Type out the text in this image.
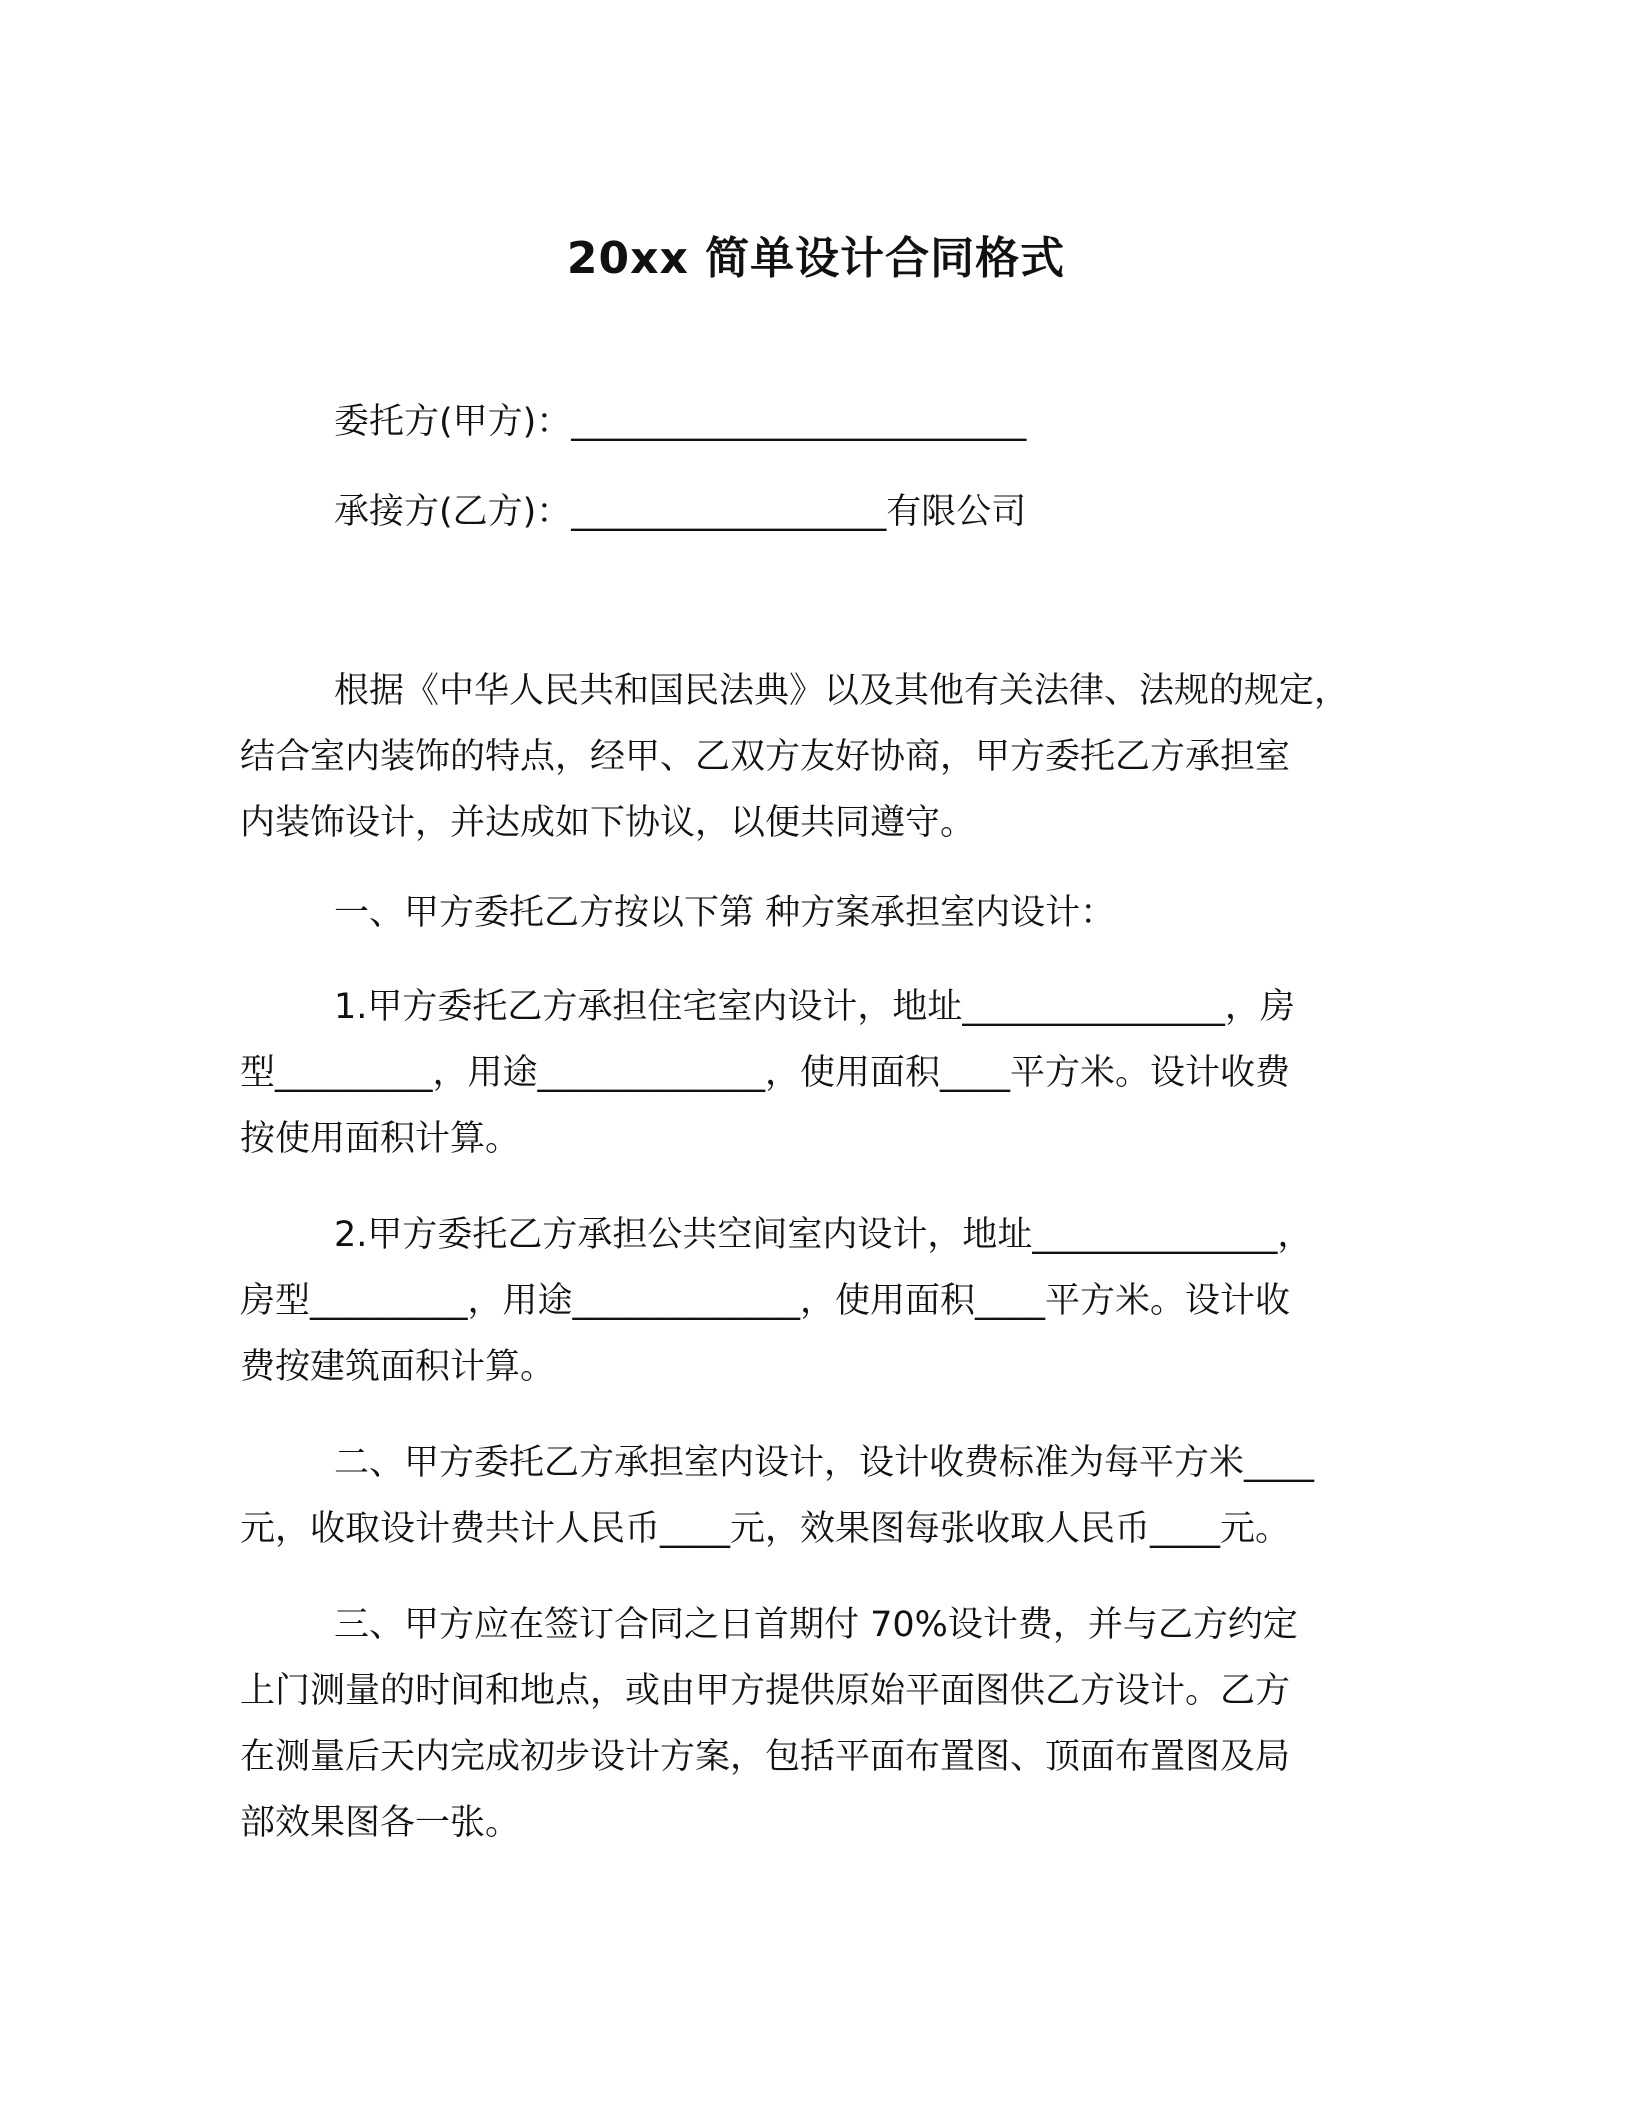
20xx 简单设计合同格式

委托方(甲方)：__________________________

承接方(乙方)：__________________有限公司

根据《中华人民共和国民法典》以及其他有关法律、法规的规定，
结合室内装饰的特点，经甲、乙双方友好协商，甲方委托乙方承担室
内装饰设计，并达成如下协议，以便共同遵守。
一、甲方委托乙方按以下第 种方案承担室内设计：
1.甲方委托乙方承担住宅室内设计，地址_______________，房
型_________，用途_____________，使用面积____平方米。设计收费
按使用面积计算。
2.甲方委托乙方承担公共空间室内设计，地址______________，
房型_________，用途_____________，使用面积____平方米。设计收
费按建筑面积计算。
二、甲方委托乙方承担室内设计，设计收费标准为每平方米____
元，收取设计费共计人民币____元，效果图每张收取人民币____元。
三、甲方应在签订合同之日首期付 70%设计费，并与乙方约定
上门测量的时间和地点，或由甲方提供原始平面图供乙方设计。乙方
在测量后天内完成初步设计方案，包括平面布置图、顶面布置图及局
部效果图各一张。
